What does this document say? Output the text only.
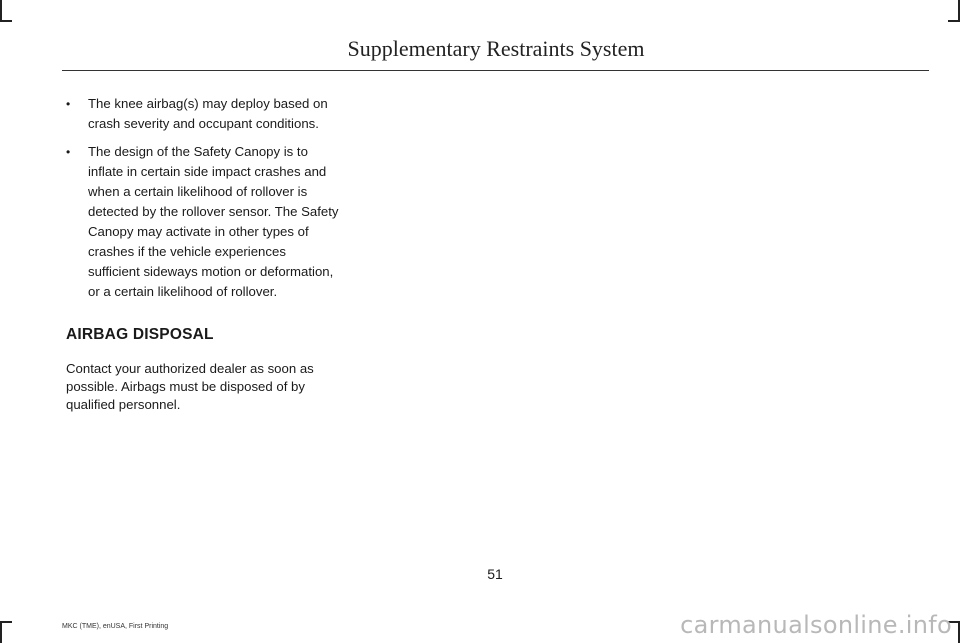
Supplementary Restraints System
• The knee airbag(s) may deploy based on crash severity and occupant conditions.
• The design of the Safety Canopy is to inflate in certain side impact crashes and when a certain likelihood of rollover is detected by the rollover sensor. The Safety Canopy may activate in other types of crashes if the vehicle experiences sufficient sideways motion or deformation, or a certain likelihood of rollover.
AIRBAG DISPOSAL

Contact your authorized dealer as soon as possible. Airbags must be disposed of by qualified personnel.

51
MKC (TME), enUSA, First Printing	carmanualsonline.info
